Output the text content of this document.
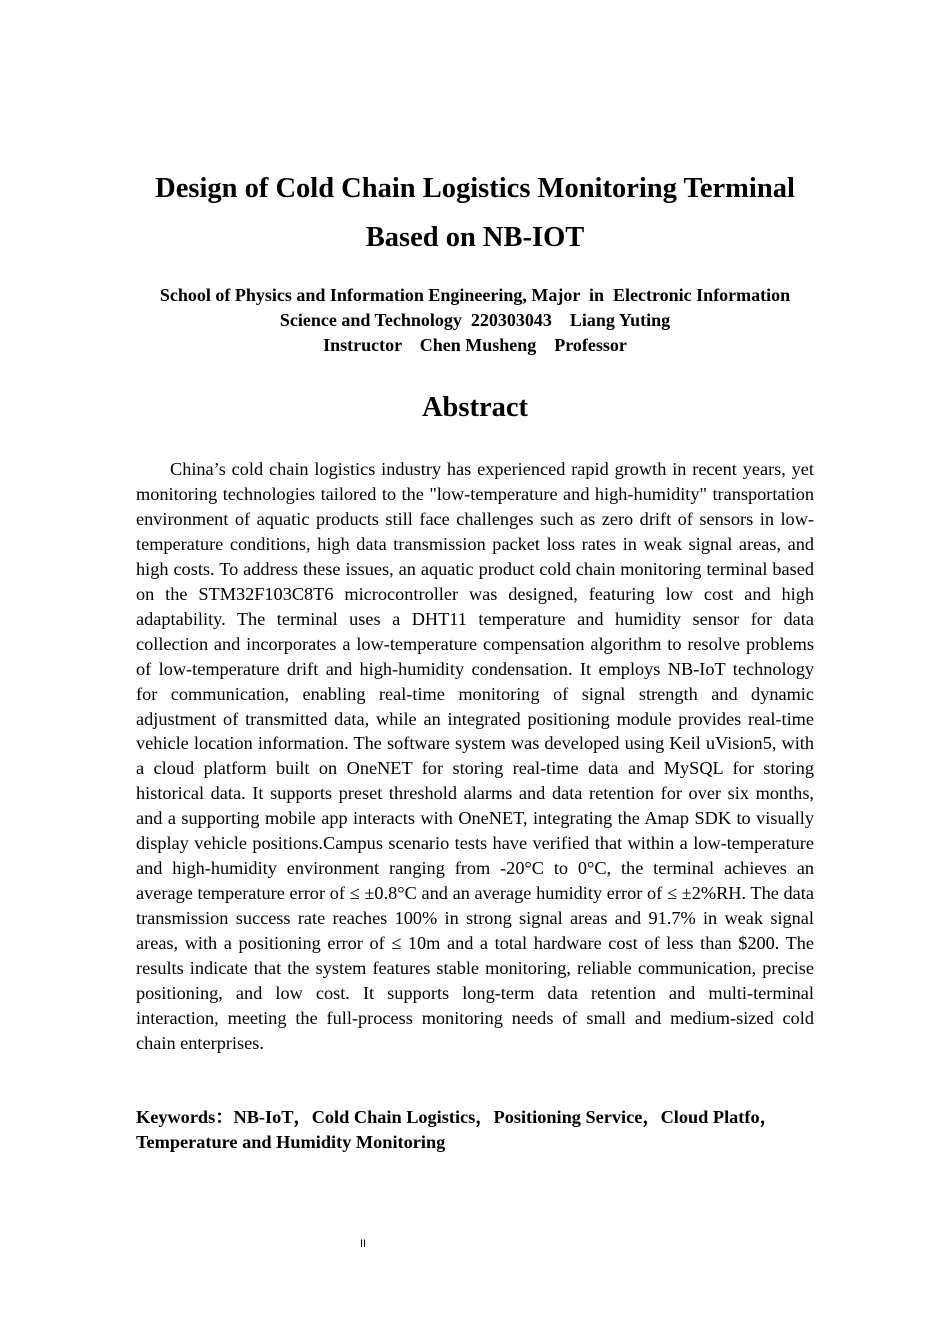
Design of Cold Chain Logistics Monitoring Terminal
Based on NB-IOT
School of Physics and Information Engineering, Major  in  Electronic Information
Science and Technology  220303043    Liang Yuting
Instructor    Chen Musheng    Professor
Abstract

China’s cold chain logistics industry has experienced rapid growth in recent years, yet monitoring technologies tailored to the "low-temperature and high-humidity" transportation environment of aquatic products still face challenges such as zero drift of sensors in low-temperature conditions, high data transmission packet loss rates in weak signal areas, and high costs. To address these issues, an aquatic product cold chain monitoring terminal based on the STM32F103C8T6 microcontroller was designed, featuring low cost and high adaptability. The terminal uses a DHT11 temperature and humidity sensor for data collection and incorporates a low-temperature compensation algorithm to resolve problems of low-temperature drift and high-humidity condensation. It employs NB-IoT technology for communication, enabling real-time monitoring of signal strength and dynamic adjustment of transmitted data, while an integrated positioning module provides real-time vehicle location information. The software system was developed using Keil uVision5, with a cloud platform built on OneNET for storing real-time data and MySQL for storing historical data. It supports preset threshold alarms and data retention for over six months, and a supporting mobile app interacts with OneNET, integrating the Amap SDK to visually display vehicle positions.Campus scenario tests have verified that within a low-temperature and high-humidity environment ranging from -20°C to 0°C, the terminal achieves an average temperature error of ≤ ±0.8°C and an average humidity error of ≤ ±2%RH. The data transmission success rate reaches 100% in strong signal areas and 91.7% in weak signal areas, with a positioning error of ≤ 10m and a total hardware cost of less than $200. The results indicate that the system features stable monitoring, reliable communication, precise positioning, and low cost. It supports long-term data retention and multi-terminal interaction, meeting the full-process monitoring needs of small and medium-sized cold chain enterprises.

Keywords：NB-IoT，Cold Chain Logistics，Positioning Service，Cloud Platfo，Temperature and Humidity Monitoring

II
